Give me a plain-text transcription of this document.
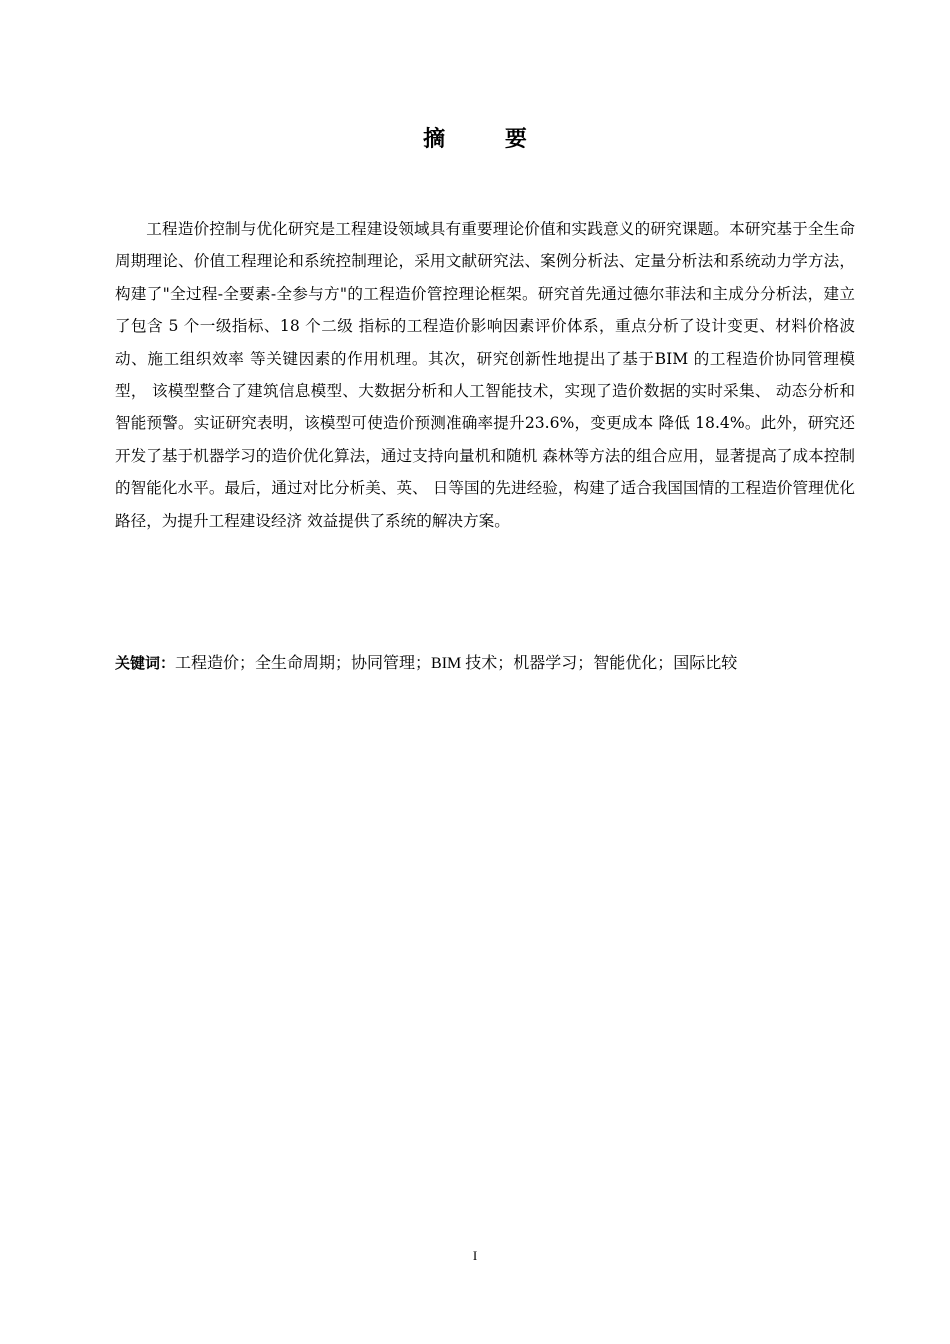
摘 要

工程造价控制与优化研究是工程建设领域具有重要理论价值和实践意义的研究课题。本研究基于全生命周期理论、价值工程理论和系统控制理论，采用文献研究法、案例分析法、定量分析法和系统动力学方法，构建了"全过程-全要素-全参与方"的工程造价管控理论框架。研究首先通过德尔菲法和主成分分析法，建立了包含 5 个一级指标、18 个二级 指标的工程造价影响因素评价体系，重点分析了设计变更、材料价格波动、施工组织效率 等关键因素的作用机理。其次，研究创新性地提出了基于BIM 的工程造价协同管理模型， 该模型整合了建筑信息模型、大数据分析和人工智能技术，实现了造价数据的实时采集、 动态分析和智能预警。实证研究表明，该模型可使造价预测准确率提升23.6%，变更成本 降低 18.4%。此外，研究还开发了基于机器学习的造价优化算法，通过支持向量机和随机 森林等方法的组合应用，显著提高了成本控制的智能化水平。最后，通过对比分析美、英、 日等国的先进经验，构建了适合我国国情的工程造价管理优化路径，为提升工程建设经济 效益提供了系统的解决方案。

关键词：工程造价；全生命周期；协同管理；BIM 技术；机器学习；智能优化；国际比较

I
